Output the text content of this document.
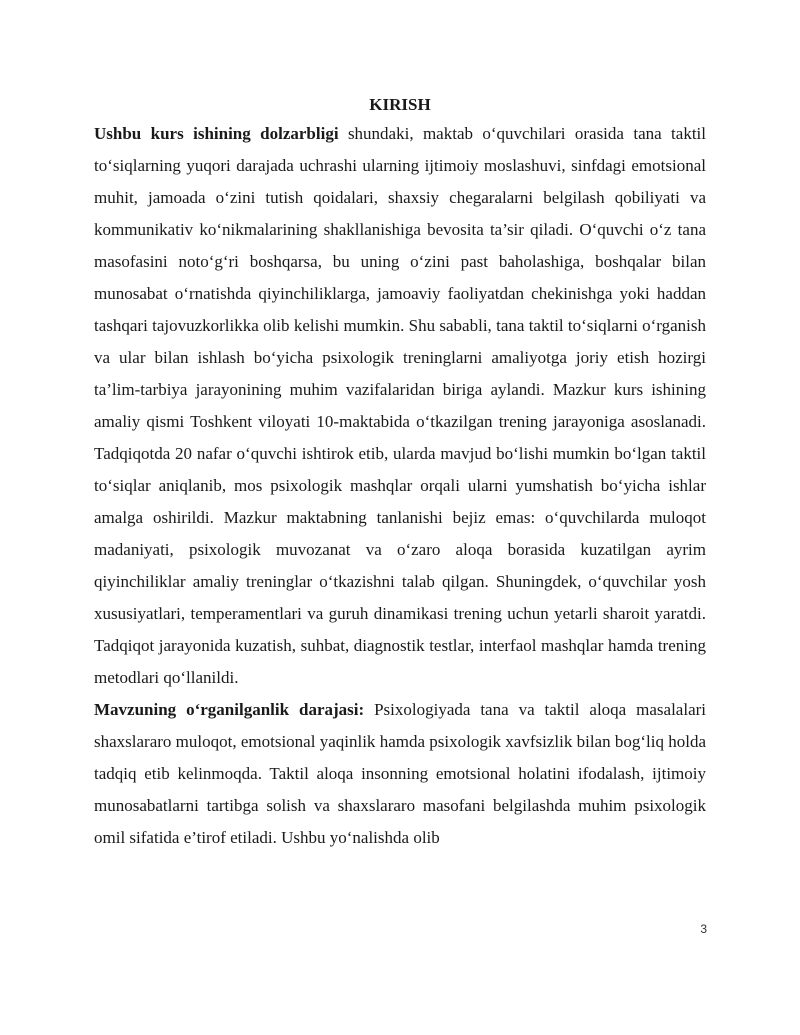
KIRISH

Ushbu kurs ishining dolzarbligi shundaki, maktab o‘quvchilari orasida tana taktil to‘siqlarning yuqori darajada uchrashi ularning ijtimoiy moslashuvi, sinfdagi emotsional muhit, jamoada o‘zini tutish qoidalari, shaxsiy chegaralarni belgilash qobiliyati va kommunikativ ko‘nikmalarining shakllanishiga bevosita ta’sir qiladi. O‘quvchi o‘z tana masofasini noto‘g‘ri boshqarsa, bu uning o‘zini past baholashiga, boshqalar bilan munosabat o‘rnatishda qiyinchiliklarga, jamoaviy faoliyatdan chekinishga yoki haddan tashqari tajovuzkorlikka olib kelishi mumkin. Shu sababli, tana taktil to‘siqlarni o‘rganish va ular bilan ishlash bo‘yicha psixologik treninglarni amaliyotga joriy etish hozirgi ta’lim-tarbiya jarayonining muhim vazifalaridan biriga aylandi. Mazkur kurs ishining amaliy qismi Toshkent viloyati 10-maktabida o‘tkazilgan trening jarayoniga asoslanadi. Tadqiqotda 20 nafar o‘quvchi ishtirok etib, ularda mavjud bo‘lishi mumkin bo‘lgan taktil to‘siqlar aniqlanib, mos psixologik mashqlar orqali ularni yumshatish bo‘yicha ishlar amalga oshirildi. Mazkur maktabning tanlanishi bejiz emas: o‘quvchilarda muloqot madaniyati, psixologik muvozanat va o‘zaro aloqa borasida kuzatilgan ayrim qiyinchiliklar amaliy treninglar o‘tkazishni talab qilgan. Shuningdek, o‘quvchilar yosh xususiyatlari, temperamentlari va guruh dinamikasi trening uchun yetarli sharoit yaratdi. Tadqiqot jarayonida kuzatish, suhbat, diagnostik testlar, interfaol mashqlar hamda trening metodlari qo‘llanildi.

Mavzuning o‘rganilganlik darajasi: Psixologiyada tana va taktil aloqa masalalari shaxslararo muloqot, emotsional yaqinlik hamda psixologik xavfsizlik bilan bog‘liq holda tadqiq etib kelinmoqda. Taktil aloqa insonning emotsional holatini ifodalash, ijtimoiy munosabatlarni tartibga solish va shaxslararo masofani belgilashda muhim psixologik omil sifatida e’tirof etiladi. Ushbu yo‘nalishda olib

3
